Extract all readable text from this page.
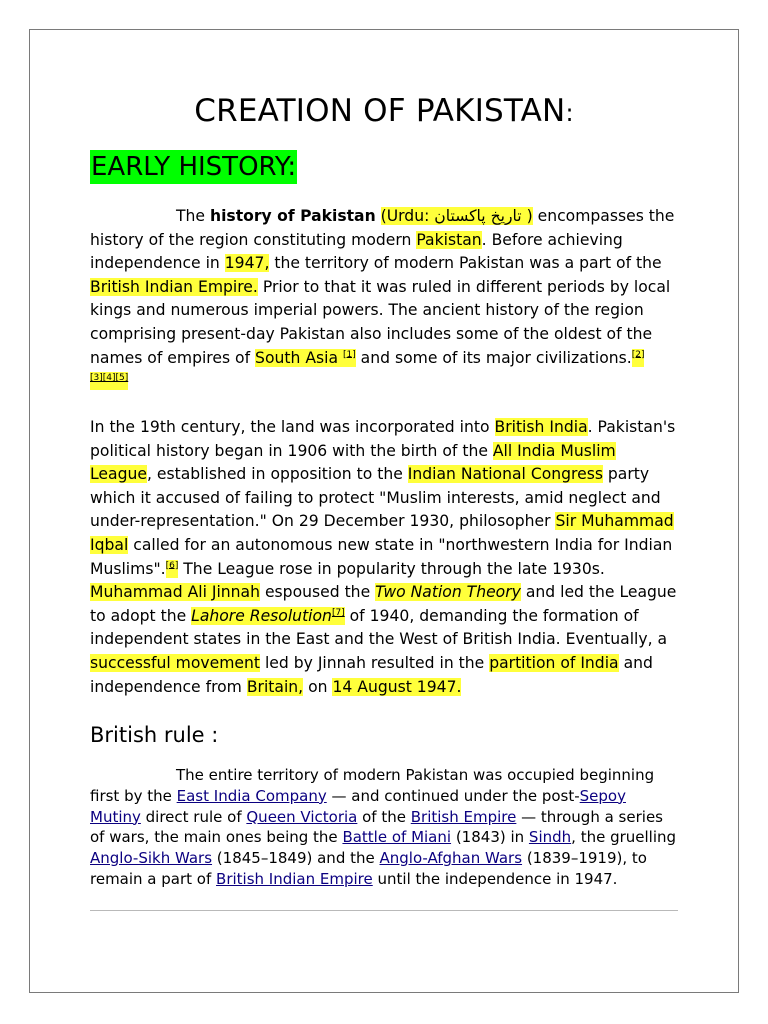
CREATION OF PAKISTAN:
EARLY HISTORY:
The history of Pakistan (Urdu: تاریخ پاکستان ) encompasses the history of the region constituting modern Pakistan. Before achieving independence in 1947, the territory of modern Pakistan was a part of the British Indian Empire. Prior to that it was ruled in different periods by local kings and numerous imperial powers. The ancient history of the region comprising present-day Pakistan also includes some of the oldest of the names of empires of South Asia [1] and some of its major civilizations.[2]
[3][4][5]
In the 19th century, the land was incorporated into British India. Pakistan's political history began in 1906 with the birth of the All India Muslim League, established in opposition to the Indian National Congress party which it accused of failing to protect "Muslim interests, amid neglect and under-representation." On 29 December 1930, philosopher Sir Muhammad Iqbal called for an autonomous new state in "northwestern India for Indian Muslims".[6] The League rose in popularity through the late 1930s. Muhammad Ali Jinnah espoused the Two Nation Theory and led the League to adopt the Lahore Resolution[7] of 1940, demanding the formation of independent states in the East and the West of British India. Eventually, a successful movement led by Jinnah resulted in the partition of India and independence from Britain, on 14 August 1947.
British rule :
The entire territory of modern Pakistan was occupied beginning first by the East India Company — and continued under the post-Sepoy Mutiny direct rule of Queen Victoria of the British Empire — through a series of wars, the main ones being the Battle of Miani (1843) in Sindh, the gruelling Anglo-Sikh Wars (1845–1849) and the Anglo-Afghan Wars (1839–1919), to remain a part of British Indian Empire until the independence in 1947.
